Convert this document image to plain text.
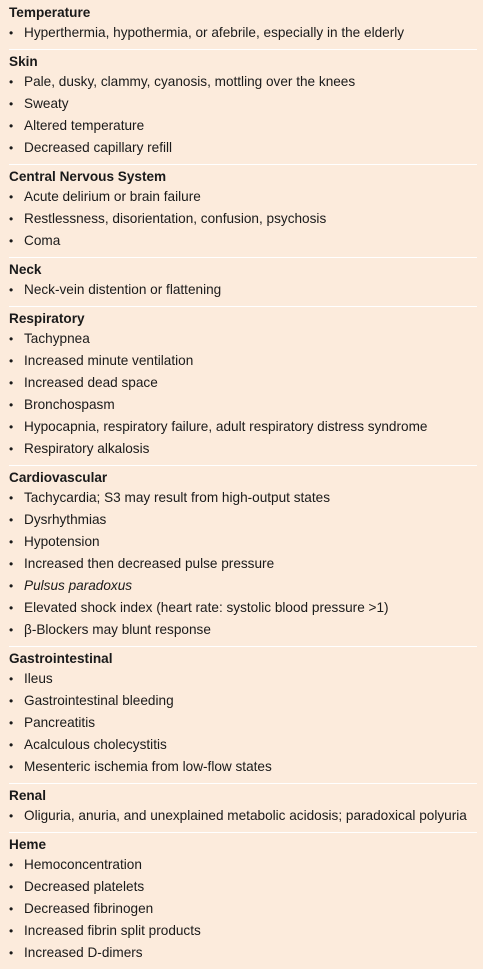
Temperature
• Hyperthermia, hypothermia, or afebrile, especially in the elderly
Skin
• Pale, dusky, clammy, cyanosis, mottling over the knees
• Sweaty
• Altered temperature
• Decreased capillary refill
Central Nervous System
• Acute delirium or brain failure
• Restlessness, disorientation, confusion, psychosis
• Coma
Neck
• Neck-vein distention or flattening
Respiratory
• Tachypnea
• Increased minute ventilation
• Increased dead space
• Bronchospasm
• Hypocapnia, respiratory failure, adult respiratory distress syndrome
• Respiratory alkalosis
Cardiovascular
• Tachycardia; S3 may result from high-output states
• Dysrhythmias
• Hypotension
• Increased then decreased pulse pressure
• Pulsus paradoxus
• Elevated shock index (heart rate: systolic blood pressure >1)
• β-Blockers may blunt response
Gastrointestinal
• Ileus
• Gastrointestinal bleeding
• Pancreatitis
• Acalculous cholecystitis
• Mesenteric ischemia from low-flow states
Renal
• Oliguria, anuria, and unexplained metabolic acidosis; paradoxical polyuria
Heme
• Hemoconcentration
• Decreased platelets
• Decreased fibrinogen
• Increased fibrin split products
• Increased D-dimers
